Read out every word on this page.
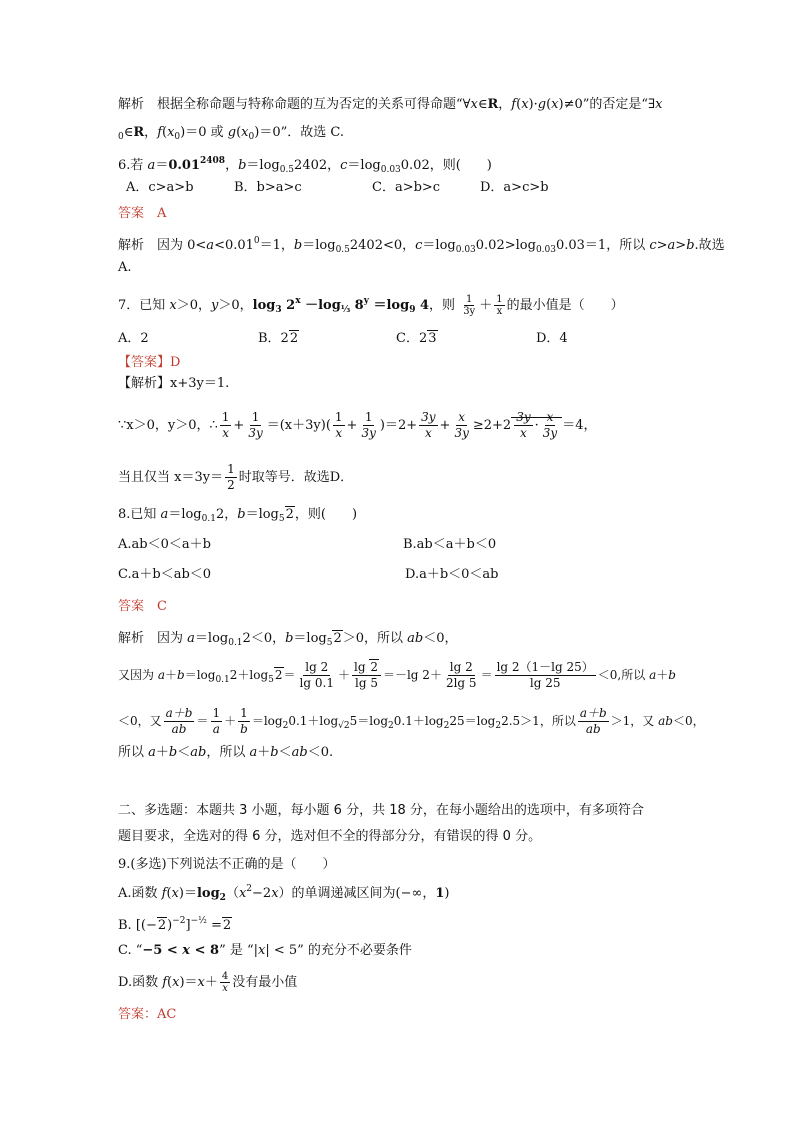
解析　根据全称命题与特称命题的互为否定的关系可得命题“∀x∈R，f(x)·g(x)≠0”的否定是“∃x
$_0$∈R，$f(x_0)=0$ 或 $g(x_0)=0$”．故选 C.
6.若 $a=0.01^{2408}$，$b=\log_{0.5}2402$，$c=\log_{0.03}0.02$，则(　　)
A．c>a>b	B．b>a>c	C．a>b>c	D．a>c>b
答案　 A
解析　因为 $0<a<0.01^0=1$，$b=\log_{0.5}2402<0$，$c=\log_{0.03}0.02>\log_{0.03}0.03=1$，所以 c>a>b.故选
A.
7．已知 x＞0，y＞0，$\log_3 2^x -\log_{\frac{1}{3}}$ $8^y =\log_9$ 4，则 $\frac{1}{3y} + \frac{1}{x}$ 的最小值是（　　）
A．2	B．22	C．23	D．4
【答案】D
【解析】x+3y＝1.
∵x＞0，y＞0，∴ $\frac{1}{x} + \frac{1}{3y} =(x+3y)( \frac{1}{x} + \frac{1}{3y} )=2+ \frac{3y}{x} + \frac{x}{3y} \ge 2+2 \frac{3y}{x} \cdot \frac{x}{3y} =4$，
当且仅当 $x=3y= \frac{1}{2}$ 时取等号．故选D．
8.已知 $a=\log_{0.1}2$，$b=\log_52$，则(　　)
A.ab＜0＜a＋b	B.ab＜a＋b＜0
C.a＋b＜ab＜0	D.a＋b＜0＜ab
答案　 C
解析　因为 $a=\log_{0.1}2<0$，$b=\log_52>0$，所以 ab＜0，
又因为 $a+b=\log_{0.1}2+\log_52= \frac{\lg 2}{\lg 0.1} + \frac{\lg 2}{\lg 5} =-\lg$ $2+ \frac{\lg 2}{2\lg 5} = \frac{\lg 2(1-\lg 25)}{\lg 25} <0$,所以 a＋b
＜0，又 $\frac{a+b}{ab} = \frac{1}{a} + \frac{1}{b} =\log_20.1+\log_{√2}5=\log_20.1+\log_225=\log_22.5>1$，所以 $\frac{a+b}{ab} >1$，又 ab＜0，
所以 a＋b＜ab，所以 a＋b＜ab＜0.
二、多选题：本题共 3 小题，每小题 6 分，共 18 分，在每小题给出的选项中，有多项符合
题目要求，全选对的得 6 分，选对但不全的得部分分，有错误的得 0 分。
9.(多选)下列说法不正确的是（　　）
A.函数 $f(x)=\log_2(x^2-2x)$的单调递减区间为(−∞，1)
B. $[(-2)^{-2}]^{-\frac{1}{2}} =2$
C. “−5 < x < 8” 是 “|x| < 5” 的充分不必要条件
D.函数 $f(x)=x+ \frac{4}{x}$ 没有最小值
答案：AC
